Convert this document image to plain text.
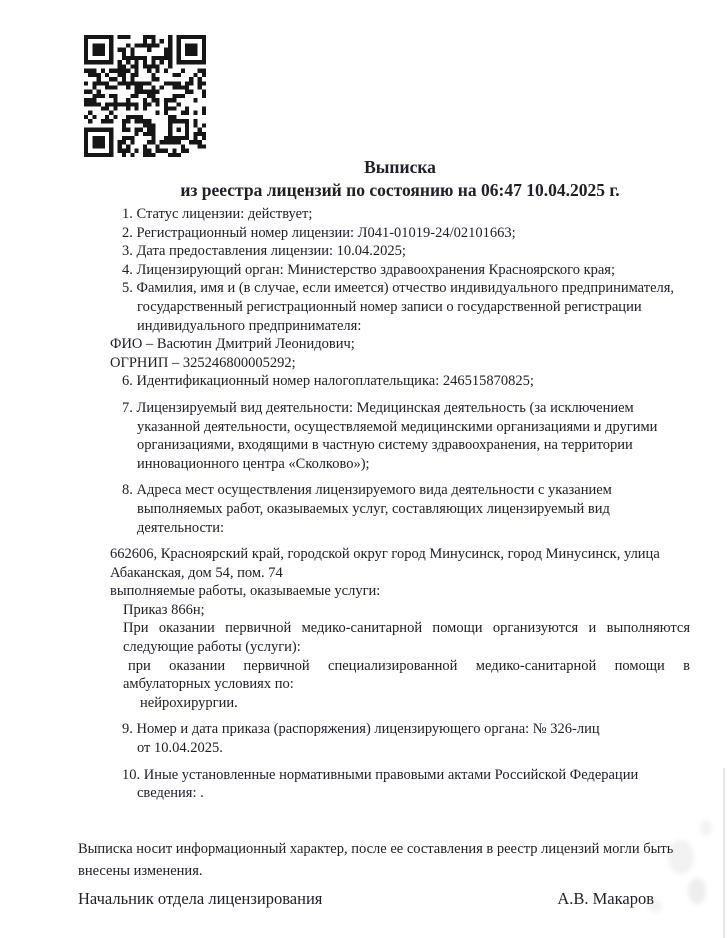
Выписка
из реестра лицензий по состоянию на 06:47 10.04.2025 г.
1. Статус лицензии: действует;
2. Регистрационный номер лицензии: Л041-01019-24/02101663;
3. Дата предоставления лицензии: 10.04.2025;
4. Лицензирующий орган: Министерство здравоохранения Красноярского края;
5. Фамилия, имя и (в случае, если имеется) отчество индивидуального предпринимателя,
государственный регистрационный номер записи о государственной регистрации
индивидуального предпринимателя:
ФИО – Васютин Дмитрий Леонидович;
ОГРНИП – 325246800005292;
6. Идентификационный номер налогоплательщика: 246515870825;
7. Лицензируемый вид деятельности: Медицинская деятельность (за исключением
указанной деятельности, осуществляемой медицинскими организациями и другими
организациями, входящими в частную систему здравоохранения, на территории
инновационного центра «Сколково»);
8. Адреса мест осуществления лицензируемого вида деятельности с указанием
выполняемых работ, оказываемых услуг, составляющих лицензируемый вид
деятельности:
662606, Красноярский край, городской округ город Минусинск, город Минусинск, улица
Абаканская, дом 54, пом. 74
выполняемые работы, оказываемые услуги:
Приказ 866н;
При оказании первичной медико-санитарной помощи организуются и выполняются
следующие работы (услуги):
при оказании первичной специализированной медико-санитарной помощи в
амбулаторных условиях по:
нейрохирургии.
9. Номер и дата приказа (распоряжения) лицензирующего органа: № 326-лиц
от 10.04.2025.
10. Иные установленные нормативными правовыми актами Российской Федерации
сведения: .
Выписка носит информационный характер, после ее составления в реестр лицензий могли быть
внесены изменения.
Начальник отдела лицензирования	А.В. Макаров
